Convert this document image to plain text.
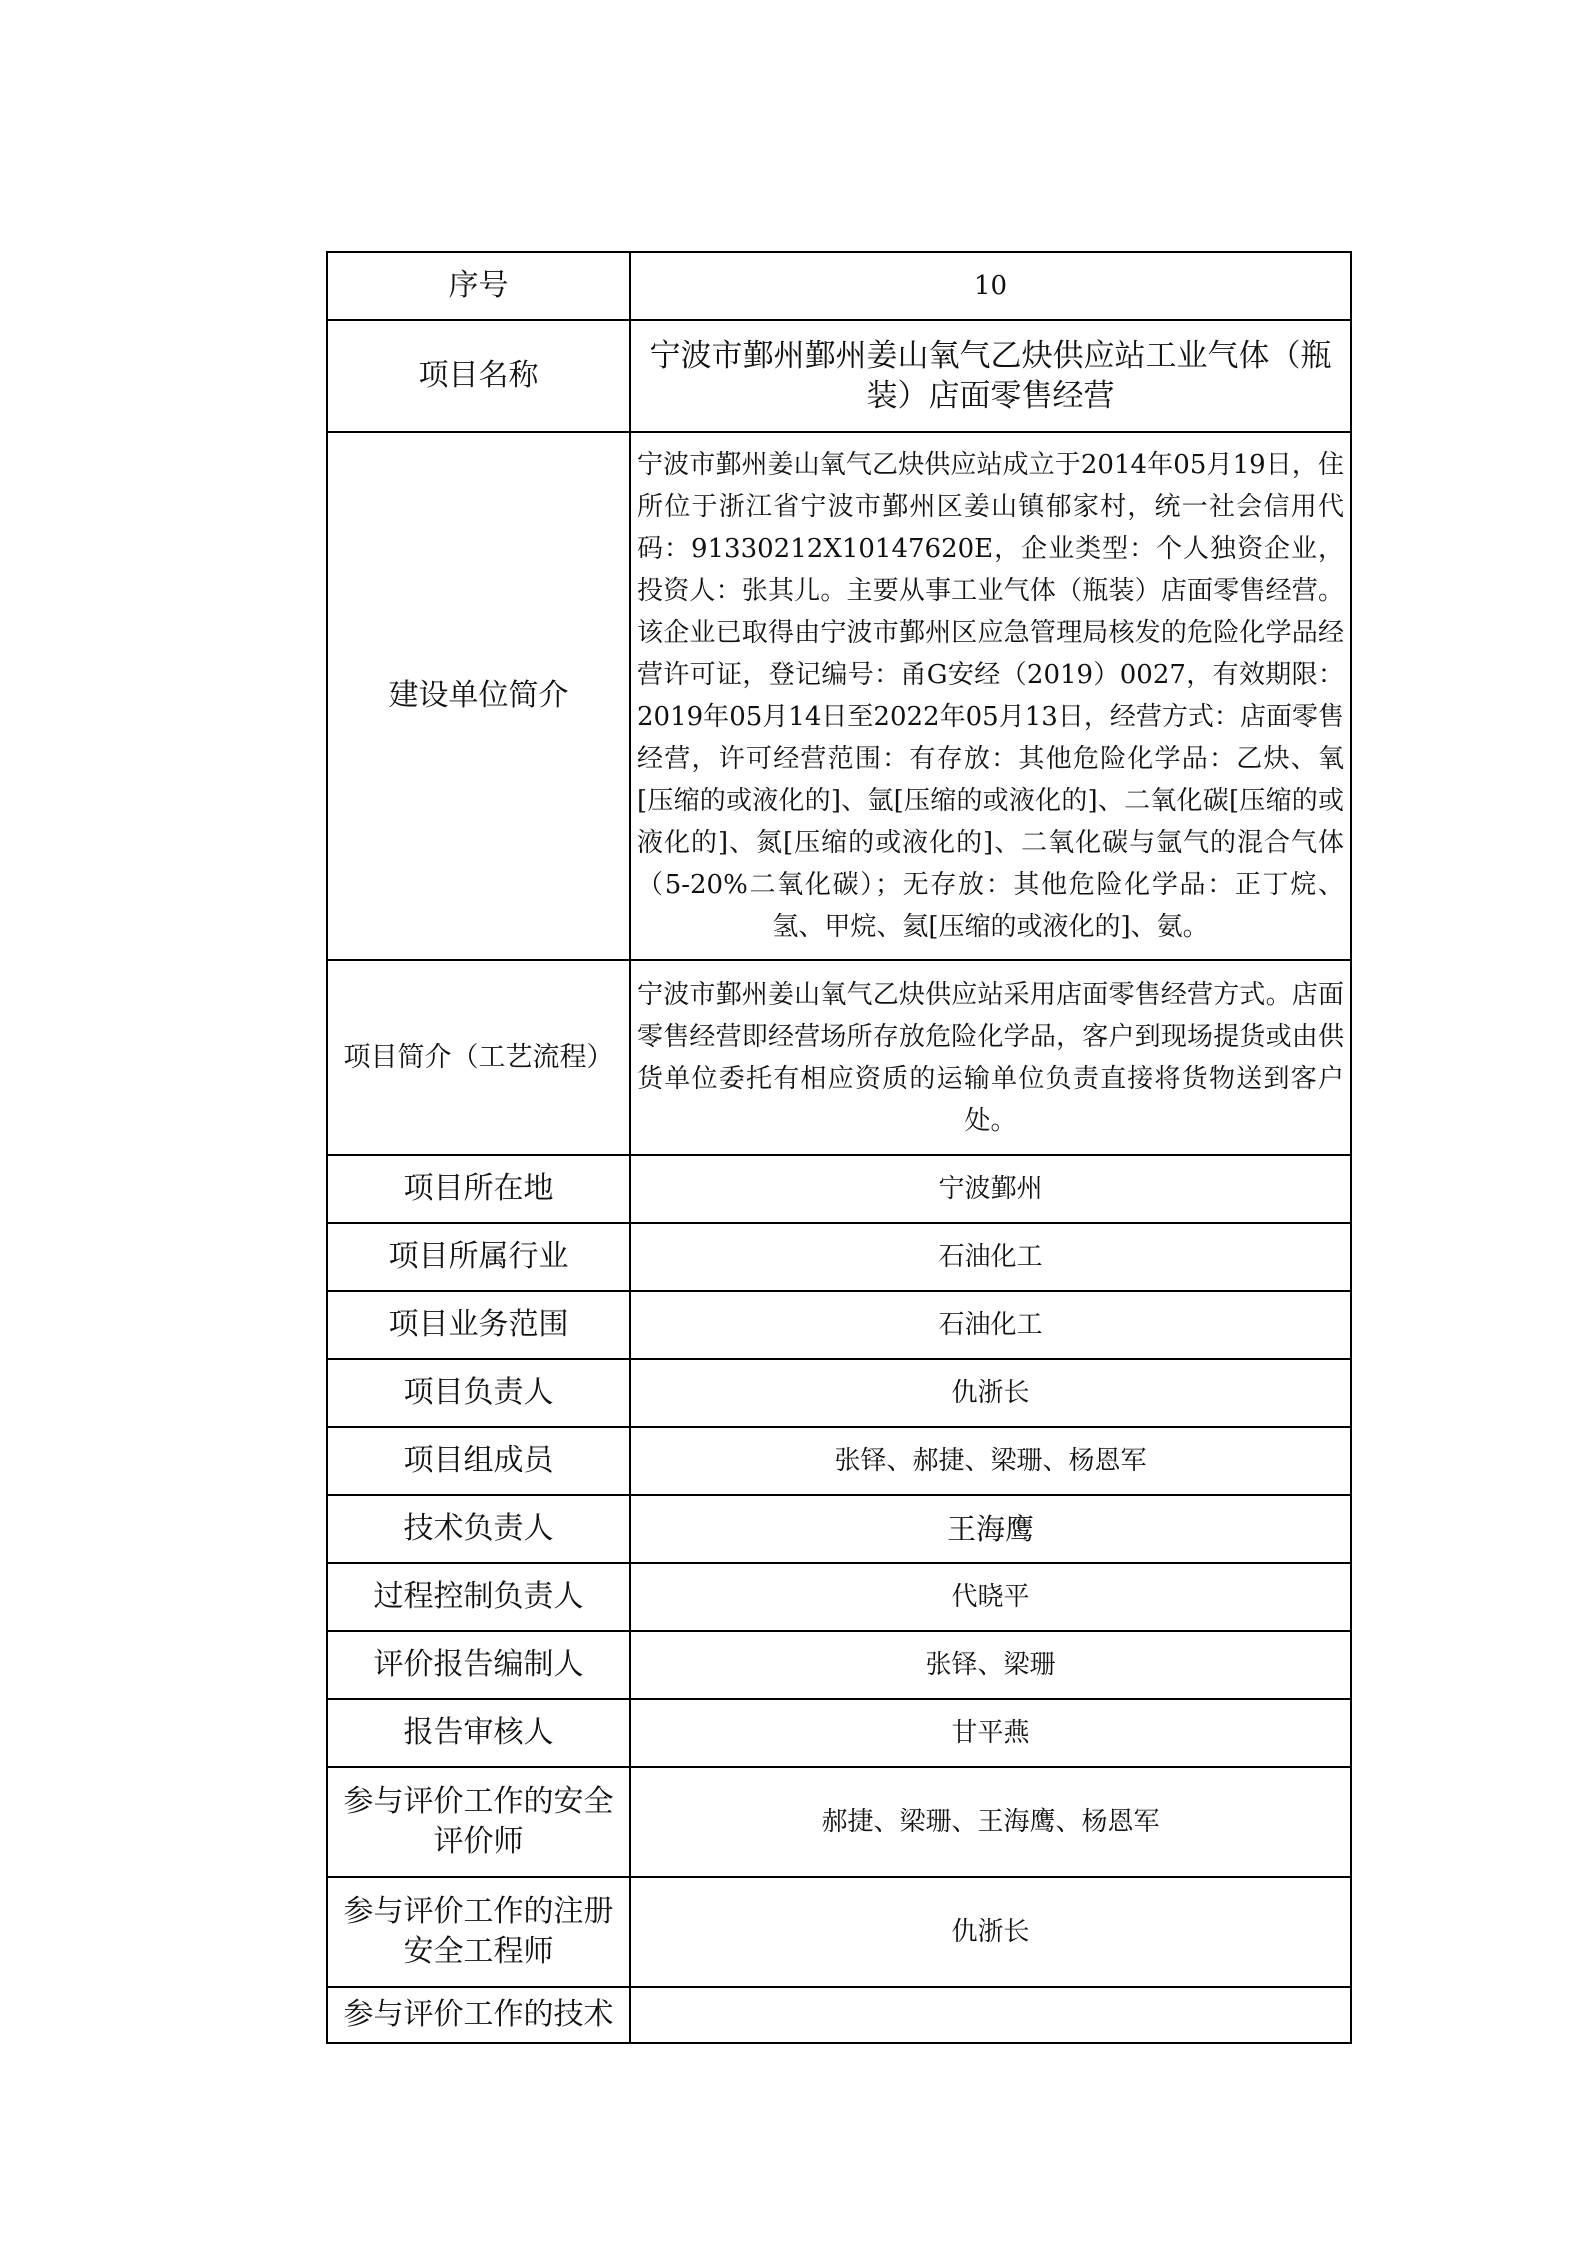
序号	10
项目名称	宁波市鄞州鄞州姜山氧气乙炔供应站工业气体（瓶装）店面零售经营
建设单位简介	宁波市鄞州姜山氧气乙炔供应站成立于2014年05月19日，住所位于浙江省宁波市鄞州区姜山镇郁家村，统一社会信用代码：91330212X10147620E，企业类型：个人独资企业，投资人：张其儿。主要从事工业气体（瓶装）店面零售经营。该企业已取得由宁波市鄞州区应急管理局核发的危险化学品经营许可证，登记编号：甬G安经（2019）0027，有效期限：2019年05月14日至2022年05月13日，经营方式：店面零售经营，许可经营范围：有存放：其他危险化学品：乙炔、氧[压缩的或液化的]、氩[压缩的或液化的]、二氧化碳[压缩的或液化的]、氮[压缩的或液化的]、二氧化碳与氩气的混合气体（5-20%二氧化碳）；无存放：其他危险化学品：正丁烷、氢、甲烷、氦[压缩的或液化的]、氨。
项目简介（工艺流程）	宁波市鄞州姜山氧气乙炔供应站采用店面零售经营方式。店面零售经营即经营场所存放危险化学品，客户到现场提货或由供货单位委托有相应资质的运输单位负责直接将货物送到客户处。
项目所在地	宁波鄞州
项目所属行业	石油化工
项目业务范围	石油化工
项目负责人	仇浙长
项目组成员	张铎、郝捷、梁珊、杨恩军
技术负责人	王海鹰
过程控制负责人	代晓平
评价报告编制人	张铎、梁珊
报告审核人	甘平燕
参与评价工作的安全评价师	郝捷、梁珊、王海鹰、杨恩军
参与评价工作的注册安全工程师	仇浙长
参与评价工作的技术	
